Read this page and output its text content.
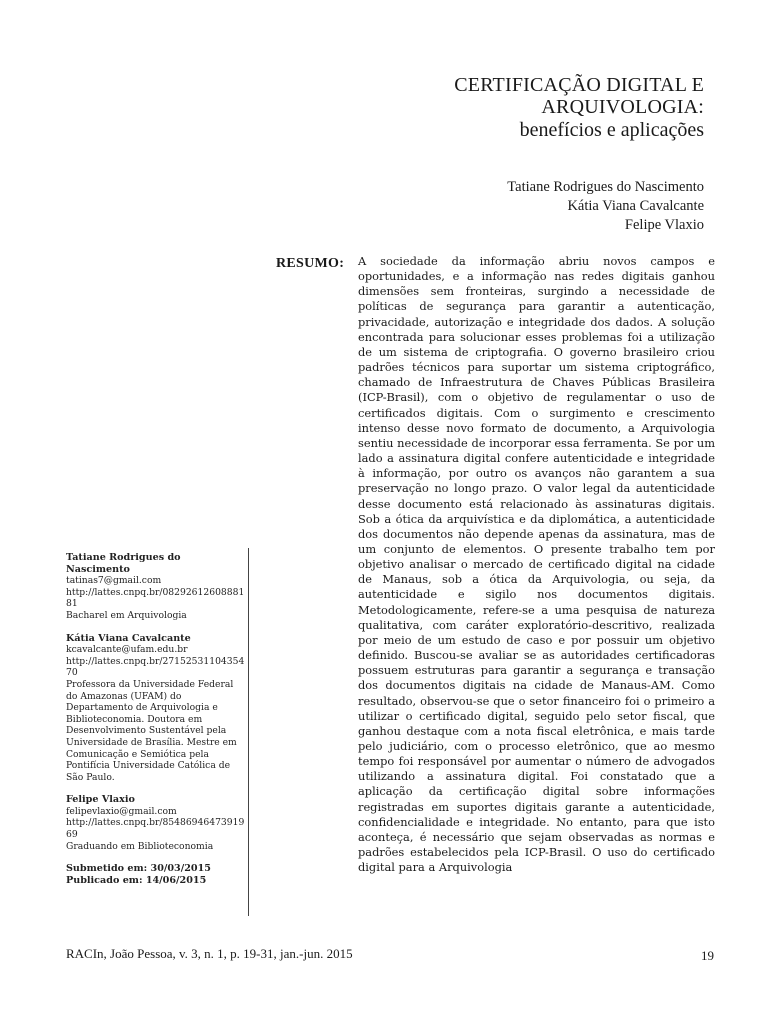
CERTIFICAÇÃO DIGITAL E
ARQUIVOLOGIA:
benefícios e aplicações
Tatiane Rodrigues do Nascimento
Kátia Viana Cavalcante
Felipe Vlaxio
RESUMO: A sociedade da informação abriu novos campos e oportunidades, e a informação nas redes digitais ganhou dimensões sem fronteiras, surgindo a necessidade de políticas de segurança para garantir a autenticação, privacidade, autorização e integridade dos dados. A solução encontrada para solucionar esses problemas foi a utilização de um sistema de criptografia. O governo brasileiro criou padrões técnicos para suportar um sistema criptográfico, chamado de Infraestrutura de Chaves Públicas Brasileira (ICP-Brasil), com o objetivo de regulamentar o uso de certificados digitais. Com o surgimento e crescimento intenso desse novo formato de documento, a Arquivologia sentiu necessidade de incorporar essa ferramenta. Se por um lado a assinatura digital confere autenticidade e integridade à informação, por outro os avanços não garantem a sua preservação no longo prazo. O valor legal da autenticidade desse documento está relacionado às assinaturas digitais. Sob a ótica da arquivística e da diplomática, a autenticidade dos documentos não depende apenas da assinatura, mas de um conjunto de elementos. O presente trabalho tem por objetivo analisar o mercado de certificado digital na cidade de Manaus, sob a ótica da Arquivologia, ou seja, da autenticidade e sigilo nos documentos digitais. Metodologicamente, refere-se a uma pesquisa de natureza qualitativa, com caráter exploratório-descritivo, realizada por meio de um estudo de caso e por possuir um objetivo definido. Buscou-se avaliar se as autoridades certificadoras possuem estruturas para garantir a segurança e transação dos documentos digitais na cidade de Manaus-AM. Como resultado, observou-se que o setor financeiro foi o primeiro a utilizar o certificado digital, seguido pelo setor fiscal, que ganhou destaque com a nota fiscal eletrônica, e mais tarde pelo judiciário, com o processo eletrônico, que ao mesmo tempo foi responsável por aumentar o número de advogados utilizando a assinatura digital. Foi constatado que a aplicação da certificação digital sobre informações registradas em suportes digitais garante a autenticidade, confidencialidade e integridade. No entanto, para que isto aconteça, é necessário que sejam observadas as normas e padrões estabelecidos pela ICP-Brasil. O uso do certificado digital para a Arquivologia

Tatiane Rodrigues do Nascimento
tatinas7@gmail.com
http://lattes.cnpq.br/0829261260888181
Bacharel em Arquivologia
Kátia Viana Cavalcante
kcavalcante@ufam.edu.br
http://lattes.cnpq.br/2715253110435470
Professora da Universidade Federal do Amazonas (UFAM) do Departamento de Arquivologia e Biblioteconomia. Doutora em Desenvolvimento Sustentável pela Universidade de Brasília. Mestre em Comunicação e Semiótica pela Pontifícia Universidade Católica de São Paulo.
Felipe Vlaxio
felipevlaxio@gmail.com
http://lattes.cnpq.br/8548694647391969
Graduando em Biblioteconomia
Submetido em: 30/03/2015
Publicado em: 14/06/2015
RACIn, João Pessoa, v. 3, n. 1, p. 19-31, jan.-jun. 2015	19
